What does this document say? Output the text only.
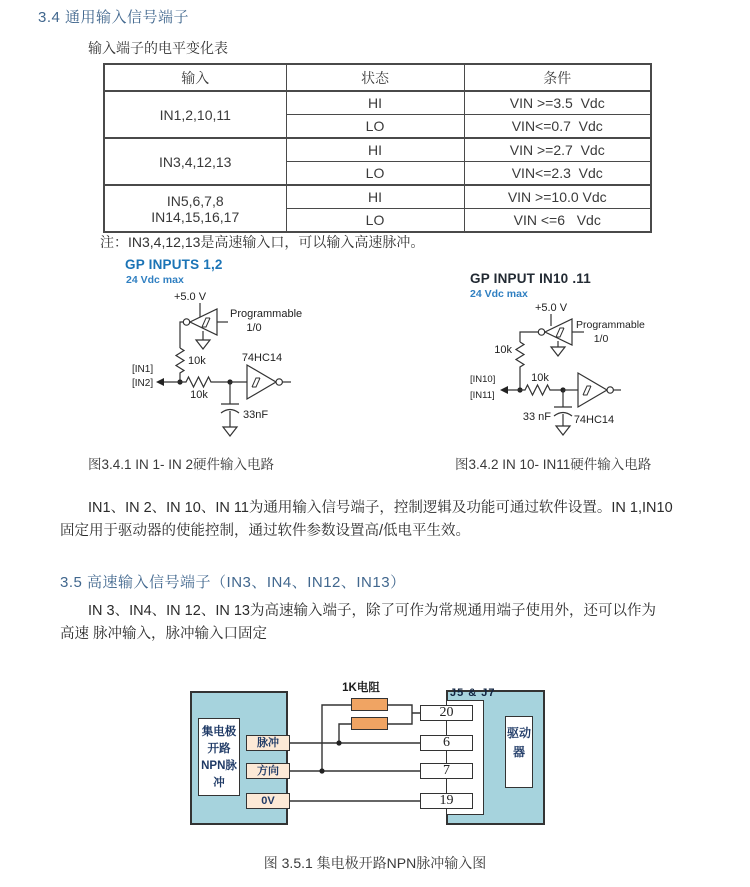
3.4 通用输入信号端子
输入端子的电平变化表
输入	状态	条件

IN1,2,10,11	HI	VIN >=3.5  Vdc
	LO	VIN<=0.7  Vdc

IN3,4,12,13	HI	VIN >=2.7  Vdc
	LO	VIN<=2.3  Vdc

IN5,6,7,8
IN14,15,16,17	HI	VIN >=10.0 Vdc
	LO	VIN <=6   Vdc
注：IN3,4,12,13是高速输入口，可以输入高速脉冲。
GP INPUTS 1,2
24 Vdc max
+5.0 V
Programmable
1/0
10k
[IN1]
[IN2]
10k
74HC14
33nF
GP INPUT IN10 .11
24 Vdc max
+5.0 V
Programmable
1/0
10k
[IN10]
[IN11]
10k
74HC14
33 nF
图3.4.1 IN 1- IN 2硬件输入电路	图3.4.2 IN 10- IN11硬件输入电路
IN1、IN 2、IN 10、IN 11为通用输入信号端子，控制逻辑及功能可通过软件设置。IN 1,IN10
固定用于驱动器的使能控制，通过软件参数设置高/低电平生效。
3.5 高速输入信号端子（IN3、IN4、IN12、IN13）
IN 3、IN4、IN 12、IN 13为高速输入端子，除了可作为常规通用端子使用外，还可以作为
高速 脉冲输入，脉冲输入口固定
集电极开路NPN脉冲
脉冲
方向
0V
1K电阻	J5 & J7
20
6
7
19
驱动器
图 3.5.1 集电极开路NPN脉冲输入图
